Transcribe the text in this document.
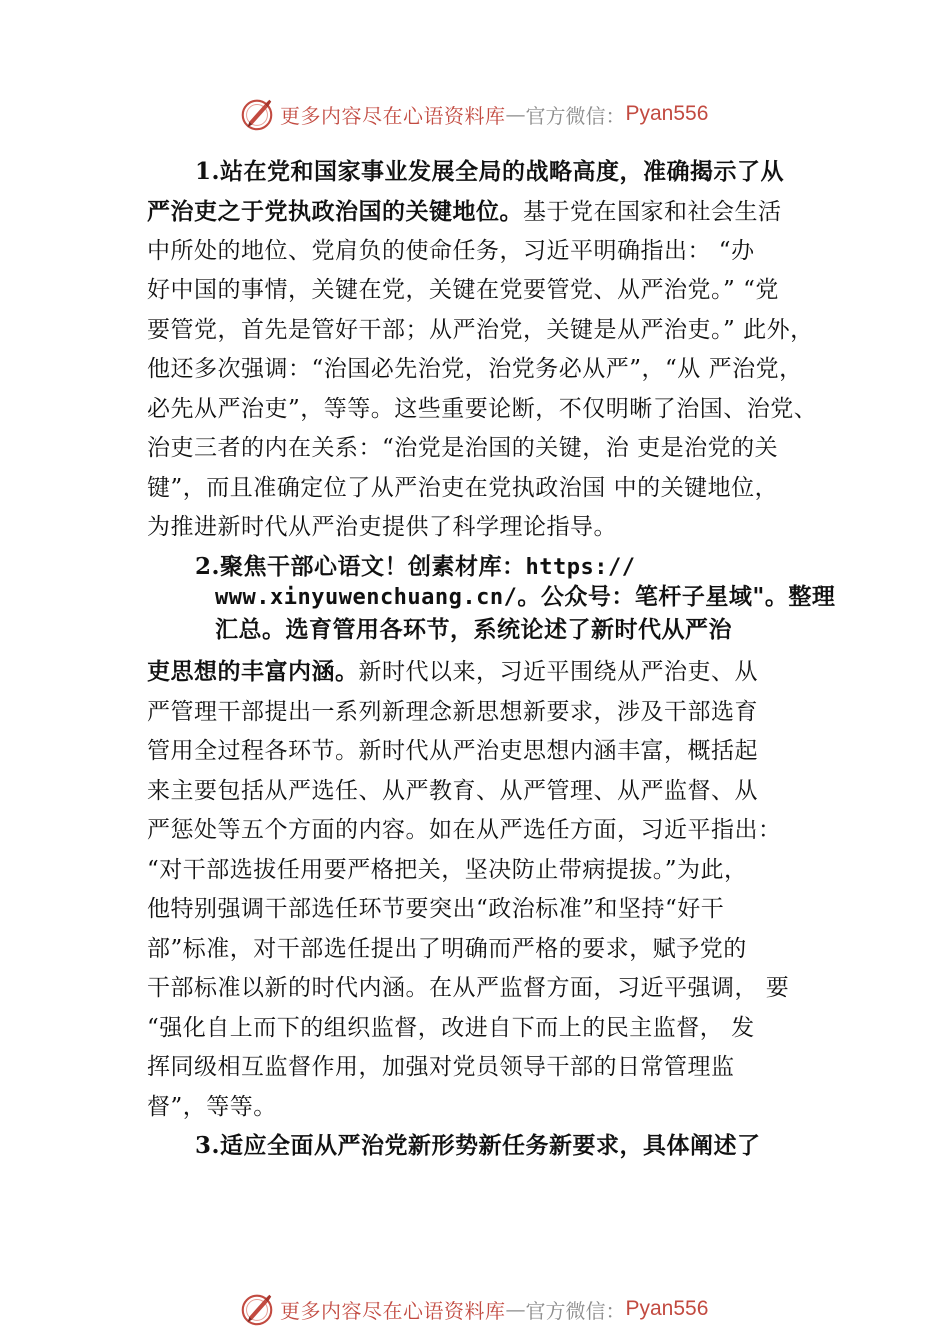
更多内容尽在心语资料库 — 官方微信： Pyan556
1.站在党和国家事业发展全局的战略高度，准确揭示了从
严治吏之于党执政治国的关键地位。基于党在国家和社会生活
中所处的地位、党肩负的使命任务，习近平明确指出： “办
好中国的事情，关键在党，关键在党要管党、从严治党。” “党
要管党，首先是管好干部；从严治党，关键是从严治吏。” 此外，
他还多次强调：“治国必先治党，治党务必从严”，“从 严治党，
必先从严治吏”，等等。这些重要论断，不仅明晰了治国、治党、
治吏三者的内在关系：“治党是治国的关键，治 吏是治党的关
键”，而且准确定位了从严治吏在党执政治国 中的关键地位，
为推进新时代从严治吏提供了科学理论指导。
2.聚焦干部心语文！创素材库：https://
www.xinyuwenchuang.cn/。公众号：笔杆子星域"。整理
汇总。选育管用各环节，系统论述了新时代从严治
吏思想的丰富内涵。新时代以来，习近平围绕从严治吏、从
严管理干部提出一系列新理念新思想新要求，涉及干部选育
管用全过程各环节。新时代从严治吏思想内涵丰富，概括起
来主要包括从严选任、从严教育、从严管理、从严监督、从
严惩处等五个方面的内容。如在从严选任方面，习近平指出：
“对干部选拔任用要严格把关，坚决防止带病提拔。”为此，
他特别强调干部选任环节要突出“政治标准”和坚持“好干
部”标准，对干部选任提出了明确而严格的要求，赋予党的
干部标准以新的时代内涵。在从严监督方面，习近平强调， 要
“强化自上而下的组织监督，改进自下而上的民主监督， 发
挥同级相互监督作用，加强对党员领导干部的日常管理监
督”，等等。
3.适应全面从严治党新形势新任务新要求，具体阐述了
更多内容尽在心语资料库 — 官方微信： Pyan556
